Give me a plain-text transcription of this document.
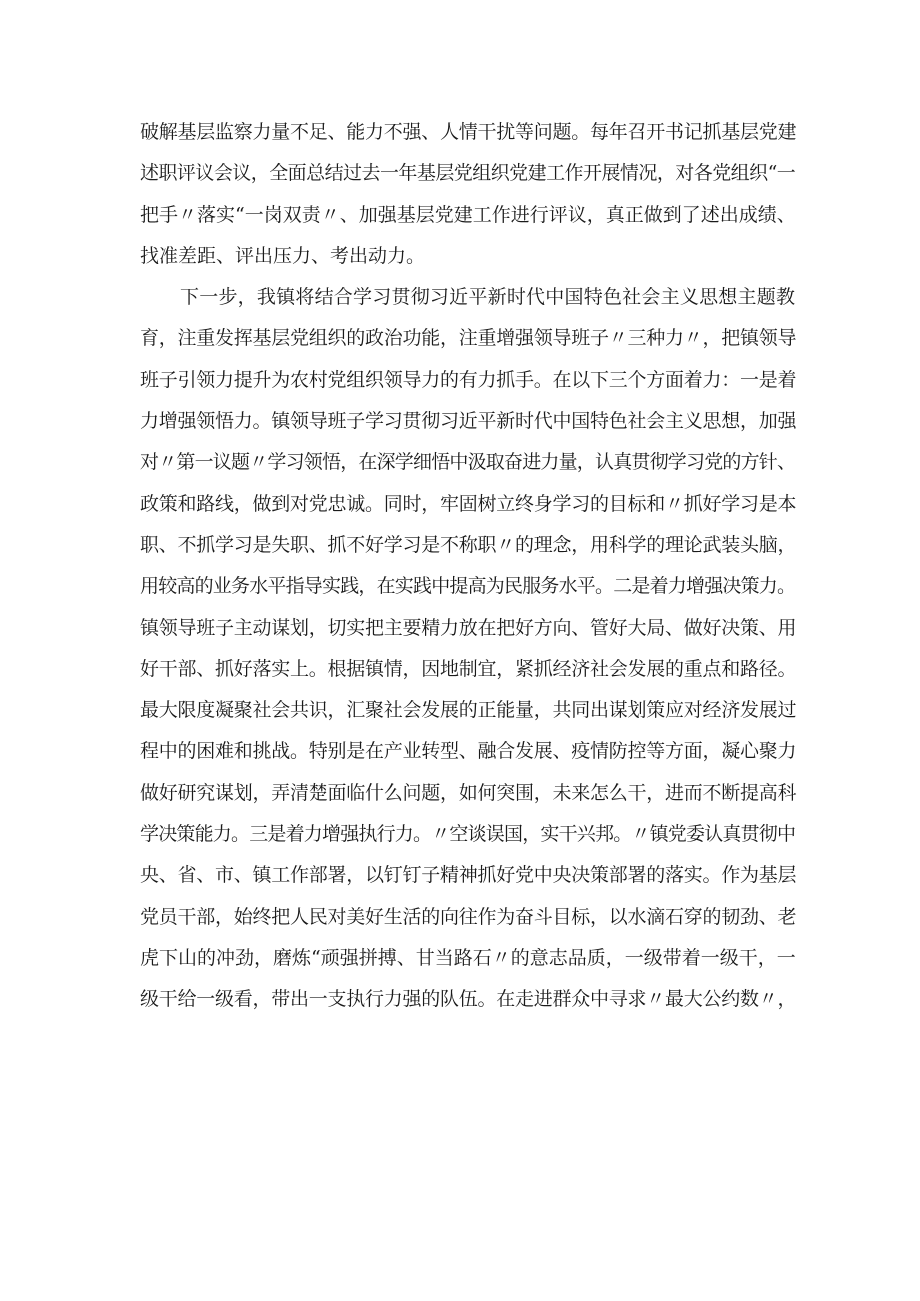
破解基层监察力量不足、能力不强、人情干扰等问题。每年召开书记抓基层党建
述职评议会议，全面总结过去一年基层党组织党建工作开展情况，对各党组织“一
把手〃落实“一岗双责〃、加强基层党建工作进行评议，真正做到了述出成绩、
找准差距、评出压力、考出动力。
下一步，我镇将结合学习贯彻习近平新时代中国特色社会主义思想主题教
育，注重发挥基层党组织的政治功能，注重增强领导班子〃三种力〃，把镇领导
班子引领力提升为农村党组织领导力的有力抓手。在以下三个方面着力：一是着
力增强领悟力。镇领导班子学习贯彻习近平新时代中国特色社会主义思想，加强
对〃第一议题〃学习领悟，在深学细悟中汲取奋进力量，认真贯彻学习党的方针、
政策和路线，做到对党忠诚。同时，牢固树立终身学习的目标和〃抓好学习是本
职、不抓学习是失职、抓不好学习是不称职〃的理念，用科学的理论武装头脑，
用较高的业务水平指导实践，在实践中提高为民服务水平。二是着力增强决策力。
镇领导班子主动谋划，切实把主要精力放在把好方向、管好大局、做好决策、用
好干部、抓好落实上。根据镇情，因地制宜，紧抓经济社会发展的重点和路径。
最大限度凝聚社会共识，汇聚社会发展的正能量，共同出谋划策应对经济发展过
程中的困难和挑战。特别是在产业转型、融合发展、疫情防控等方面，凝心聚力
做好研究谋划，弄清楚面临什么问题，如何突围，未来怎么干，进而不断提高科
学决策能力。三是着力增强执行力。〃空谈误国，实干兴邦。〃镇党委认真贯彻中
央、省、市、镇工作部署，以钉钉子精神抓好党中央决策部署的落实。作为基层
党员干部，始终把人民对美好生活的向往作为奋斗目标，以水滴石穿的韧劲、老
虎下山的冲劲，磨炼“顽强拼搏、甘当路石〃的意志品质，一级带着一级干，一
级干给一级看，带出一支执行力强的队伍。在走进群众中寻求〃最大公约数〃，
